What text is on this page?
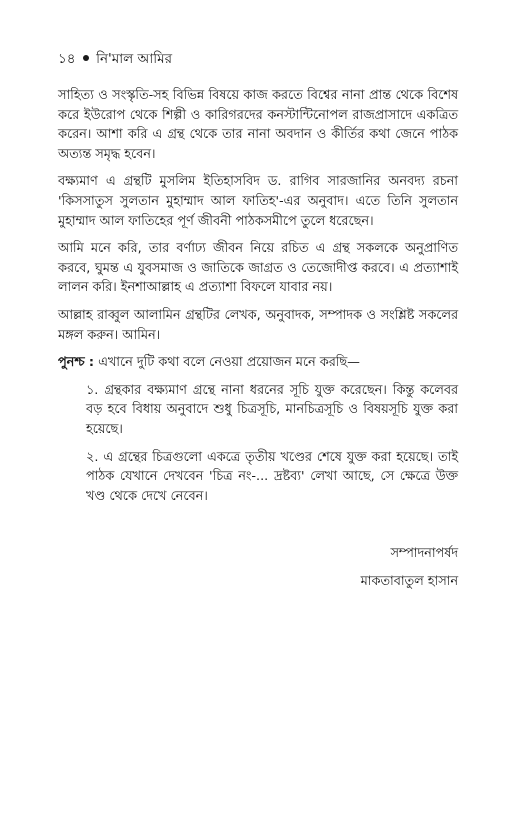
১৪ নি'মাল আমির

সাহিত্য ও সংস্কৃতি-সহ বিভিন্ন বিষয়ে কাজ করতে বিশ্বের নানা প্রান্ত থেকে বিশেষ করে ইউরোপ থেকে শিল্পী ও কারিগরদের কনস্টান্টিনোপল রাজপ্রাসাদে একত্রিত করেন। আশা করি এ গ্রন্থ থেকে তার নানা অবদান ও কীর্তির কথা জেনে পাঠক অত্যন্ত সমৃদ্ধ হবেন।

বক্ষ্যমাণ এ গ্রন্থটি মুসলিম ইতিহাসবিদ ড. রাগিব সারজানির অনবদ্য রচনা 'কিসসাতুস সুলতান মুহাম্মাদ আল ফাতিহ'-এর অনুবাদ। এতে তিনি সুলতান মুহাম্মাদ আল ফাতিহের পূর্ণ জীবনী পাঠকসমীপে তুলে ধরেছেন।

আমি মনে করি, তার বর্ণাঢ্য জীবন নিয়ে রচিত এ গ্রন্থ সকলকে অনুপ্রাণিত করবে, ঘুমন্ত এ যুবসমাজ ও জাতিকে জাগ্রত ও তেজোদীপ্ত করবে। এ প্রত্যাশাই লালন করি। ইনশাআল্লাহ এ প্রত্যাশা বিফলে যাবার নয়।

আল্লাহ রাব্বুল আলামিন গ্রন্থটির লেখক, অনুবাদক, সম্পাদক ও সংশ্লিষ্ট সকলের মঙ্গল করুন। আমিন।

পুনশ্চ : এখানে দুটি কথা বলে নেওয়া প্রয়োজন মনে করছি—

১. গ্রন্থকার বক্ষ্যমাণ গ্রন্থে নানা ধরনের সূচি যুক্ত করেছেন। কিন্তু কলেবর বড় হবে বিধায় অনুবাদে শুধু চিত্রসূচি, মানচিত্রসূচি ও বিষয়সূচি যুক্ত করা হয়েছে।

২. এ গ্রন্থের চিত্রগুলো একত্রে তৃতীয় খণ্ডের শেষে যুক্ত করা হয়েছে। তাই পাঠক যেখানে দেখবেন 'চিত্র নং-... দ্রষ্টব্য' লেখা আছে, সে ক্ষেত্রে উক্ত খণ্ড থেকে দেখে নেবেন।

সম্পাদনাপর্ষদ
মাকতাবাতুল হাসান
